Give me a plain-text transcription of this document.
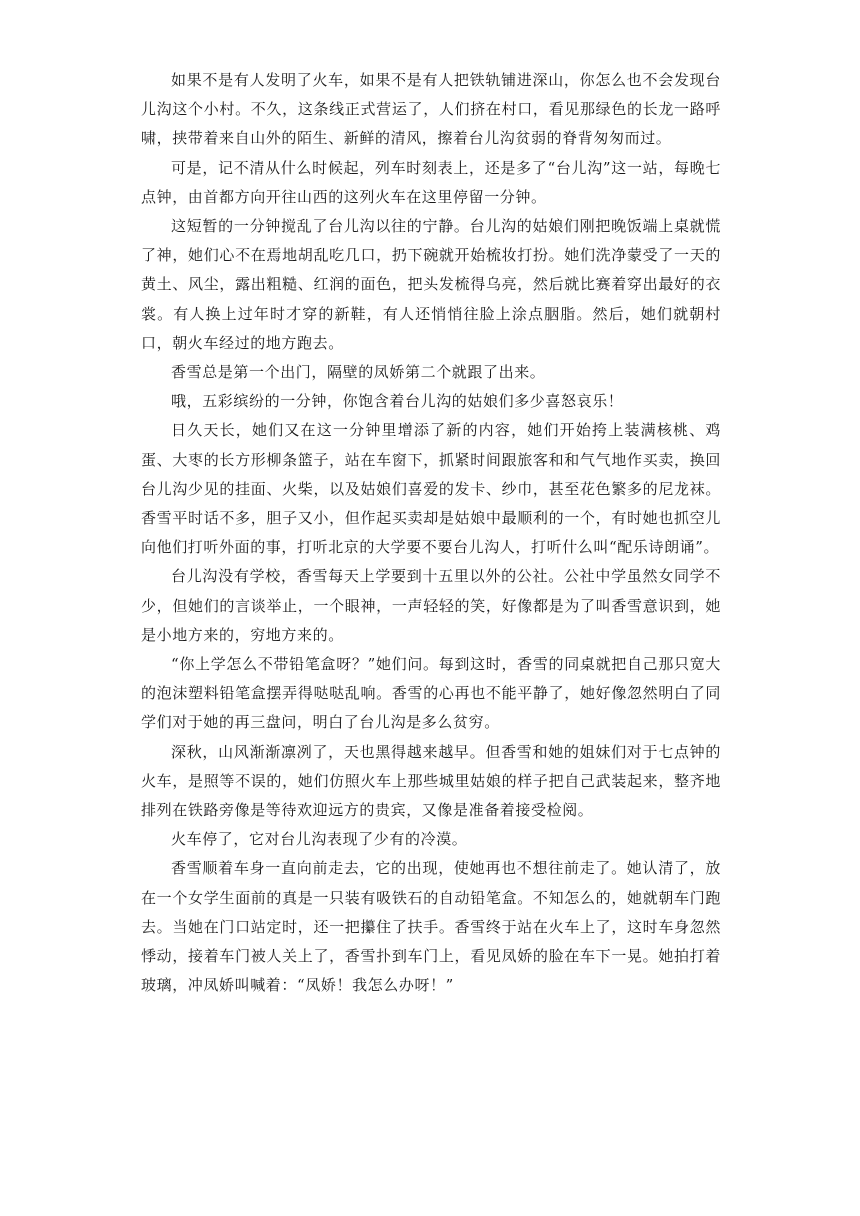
如果不是有人发明了火车，如果不是有人把铁轨铺进深山，你怎么也不会发现台儿沟这个小村。不久，这条线正式营运了，人们挤在村口，看见那绿色的长龙一路呼啸，挟带着来自山外的陌生、新鲜的清风，擦着台儿沟贫弱的脊背匆匆而过。

可是，记不清从什么时候起，列车时刻表上，还是多了“台儿沟”这一站，每晚七点钟，由首都方向开往山西的这列火车在这里停留一分钟。

这短暂的一分钟搅乱了台儿沟以往的宁静。台儿沟的姑娘们刚把晚饭端上桌就慌了神，她们心不在焉地胡乱吃几口，扔下碗就开始梳妆打扮。她们洗净蒙受了一天的黄土、风尘，露出粗糙、红润的面色，把头发梳得乌亮，然后就比赛着穿出最好的衣裳。有人换上过年时才穿的新鞋，有人还悄悄往脸上涂点胭脂。然后，她们就朝村口，朝火车经过的地方跑去。

香雪总是第一个出门，隔壁的凤娇第二个就跟了出来。

哦，五彩缤纷的一分钟，你饱含着台儿沟的姑娘们多少喜怒哀乐！

日久天长，她们又在这一分钟里增添了新的内容，她们开始挎上装满核桃、鸡蛋、大枣的长方形柳条篮子，站在车窗下，抓紧时间跟旅客和和气气地作买卖，换回台儿沟少见的挂面、火柴，以及姑娘们喜爱的发卡、纱巾，甚至花色繁多的尼龙袜。香雪平时话不多，胆子又小，但作起买卖却是姑娘中最顺利的一个，有时她也抓空儿向他们打听外面的事，打听北京的大学要不要台儿沟人，打听什么叫“配乐诗朗诵”。

台儿沟没有学校，香雪每天上学要到十五里以外的公社。公社中学虽然女同学不少，但她们的言谈举止，一个眼神，一声轻轻的笑，好像都是为了叫香雪意识到，她是小地方来的，穷地方来的。

“你上学怎么不带铅笔盒呀？”她们问。每到这时，香雪的同桌就把自己那只宽大的泡沫塑料铅笔盒摆弄得哒哒乱响。香雪的心再也不能平静了，她好像忽然明白了同学们对于她的再三盘问，明白了台儿沟是多么贫穷。

深秋，山风渐渐凛冽了，天也黑得越来越早。但香雪和她的姐妹们对于七点钟的火车，是照等不误的，她们仿照火车上那些城里姑娘的样子把自己武装起来，整齐地排列在铁路旁像是等待欢迎远方的贵宾，又像是准备着接受检阅。

火车停了，它对台儿沟表现了少有的冷漠。

香雪顺着车身一直向前走去，它的出现，使她再也不想往前走了。她认清了，放在一个女学生面前的真是一只装有吸铁石的自动铅笔盒。不知怎么的，她就朝车门跑去。当她在门口站定时，还一把攥住了扶手。香雪终于站在火车上了，这时车身忽然悸动，接着车门被人关上了，香雪扑到车门上，看见凤娇的脸在车下一晃。她拍打着玻璃，冲凤娇叫喊着：“凤娇！我怎么办呀！”
